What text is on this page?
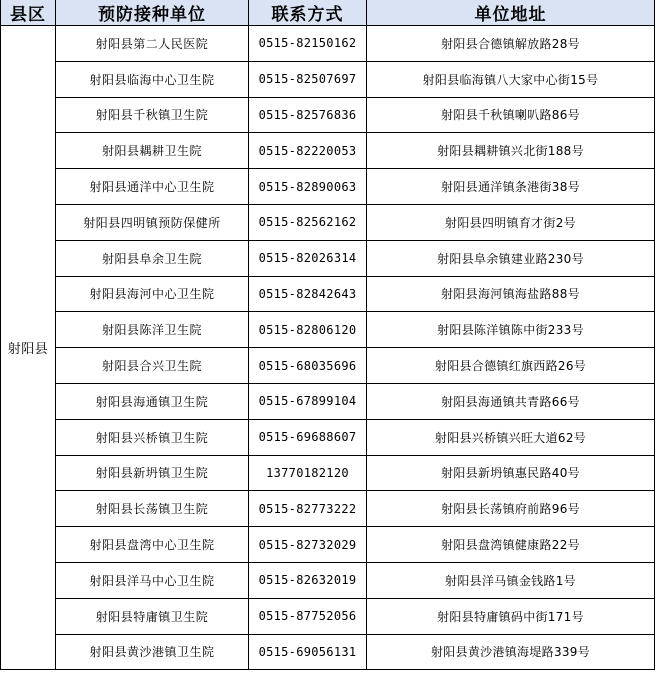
县区	预防接种单位	联系方式	单位地址
射阳县	射阳县第二人民医院	0515-82150162	射阳县合德镇解放路28号
	射阳县临海中心卫生院	0515-82507697	射阳县临海镇八大家中心街15号
	射阳县千秋镇卫生院	0515-82576836	射阳县千秋镇喇叭路86号
	射阳县耦耕卫生院	0515-82220053	射阳县耦耕镇兴北街188号
	射阳县通洋中心卫生院	0515-82890063	射阳县通洋镇条港街38号
	射阳县四明镇预防保健所	0515-82562162	射阳县四明镇育才街2号
	射阳县阜余卫生院	0515-82026314	射阳县阜余镇建业路230号
	射阳县海河中心卫生院	0515-82842643	射阳县海河镇海盐路88号
	射阳县陈洋卫生院	0515-82806120	射阳县陈洋镇陈中街233号
	射阳县合兴卫生院	0515-68035696	射阳县合德镇红旗西路26号
	射阳县海通镇卫生院	0515-67899104	射阳县海通镇共青路66号
	射阳县兴桥镇卫生院	0515-69688607	射阳县兴桥镇兴旺大道62号
	射阳县新坍镇卫生院	13770182120	射阳县新坍镇惠民路40号
	射阳县长荡镇卫生院	0515-82773222	射阳县长荡镇府前路96号
	射阳县盘湾中心卫生院	0515-82732029	射阳县盘湾镇健康路22号
	射阳县洋马中心卫生院	0515-82632019	射阳县洋马镇金钱路1号
	射阳县特庸镇卫生院	0515-87752056	射阳县特庸镇码中街171号
	射阳县黄沙港镇卫生院	0515-69056131	射阳县黄沙港镇海堤路339号
